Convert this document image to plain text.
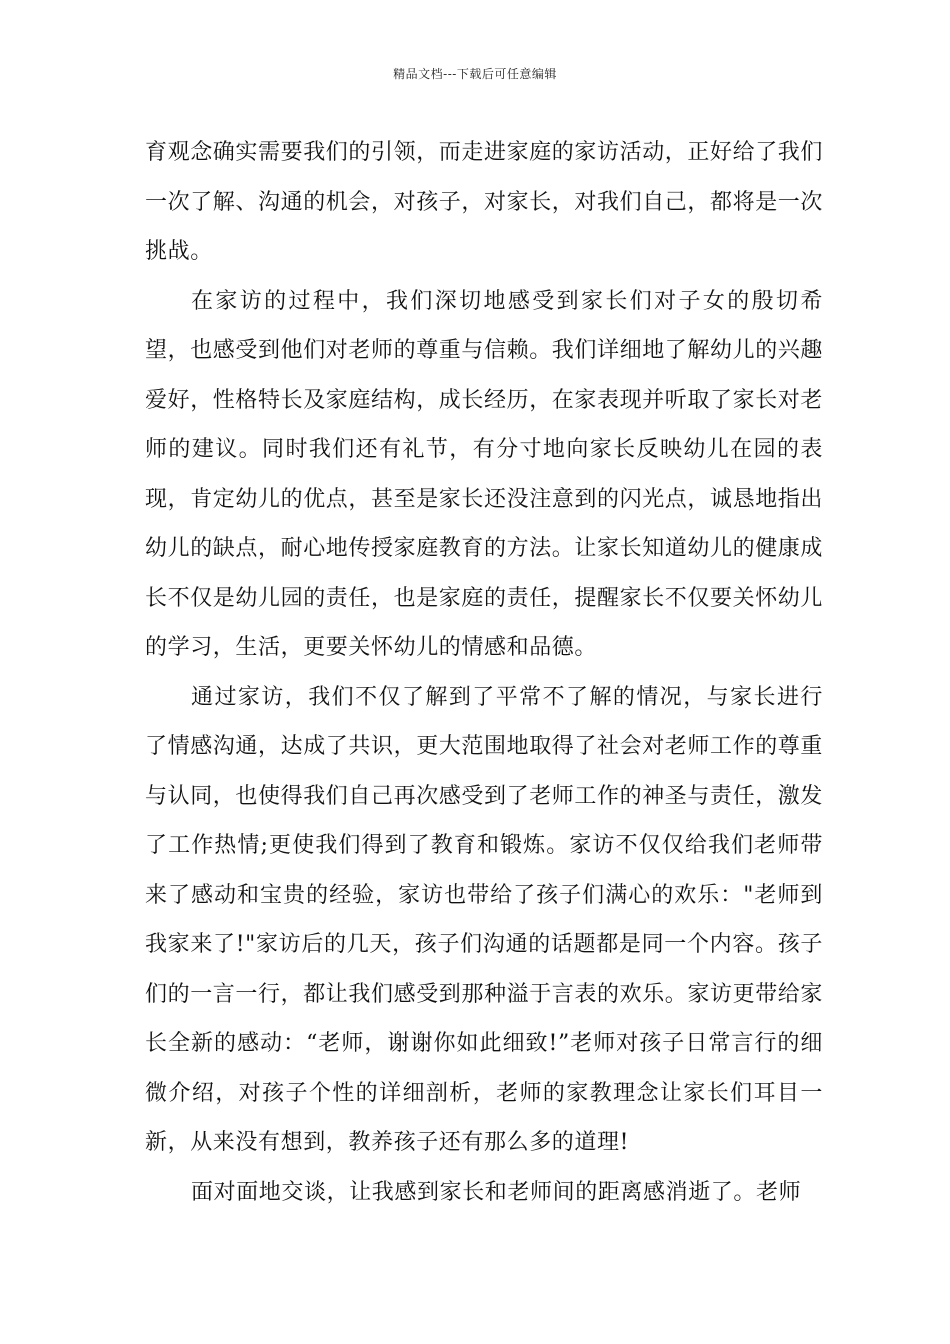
精品文档---下载后可任意编辑

育观念确实需要我们的引领，而走进家庭的家访活动，正好给了我们一次了解、沟通的机会，对孩子，对家长，对我们自己，都将是一次挑战。

在家访的过程中，我们深切地感受到家长们对子女的殷切希望，也感受到他们对老师的尊重与信赖。我们详细地了解幼儿的兴趣爱好，性格特长及家庭结构，成长经历，在家表现并听取了家长对老师的建议。同时我们还有礼节，有分寸地向家长反映幼儿在园的表现，肯定幼儿的优点，甚至是家长还没注意到的闪光点，诚恳地指出幼儿的缺点，耐心地传授家庭教育的方法。让家长知道幼儿的健康成长不仅是幼儿园的责任，也是家庭的责任，提醒家长不仅要关怀幼儿的学习，生活，更要关怀幼儿的情感和品德。

通过家访，我们不仅了解到了平常不了解的情况，与家长进行了情感沟通，达成了共识，更大范围地取得了社会对老师工作的尊重与认同，也使得我们自己再次感受到了老师工作的神圣与责任，激发了工作热情;更使我们得到了教育和锻炼。家访不仅仅给我们老师带来了感动和宝贵的经验，家访也带给了孩子们满心的欢乐："老师到我家来了!"家访后的几天，孩子们沟通的话题都是同一个内容。孩子们的一言一行，都让我们感受到那种溢于言表的欢乐。家访更带给家长全新的感动：“老师，谢谢你如此细致!”老师对孩子日常言行的细微介绍，对孩子个性的详细剖析，老师的家教理念让家长们耳目一新，从来没有想到，教养孩子还有那么多的道理!

面对面地交谈，让我感到家长和老师间的距离感消逝了。老师
